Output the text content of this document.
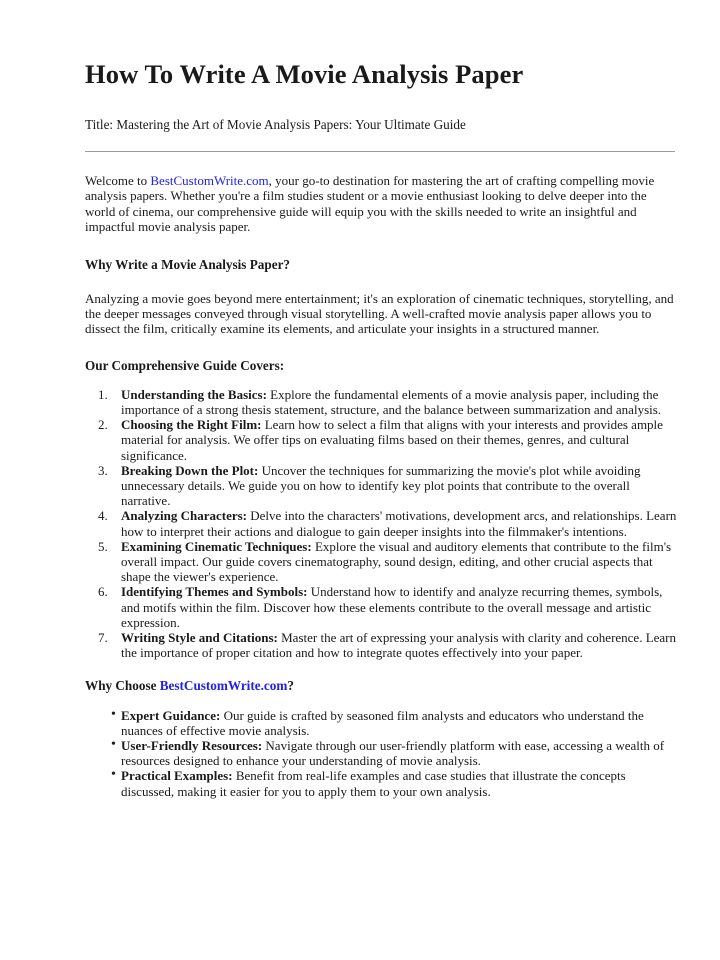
How To Write A Movie Analysis Paper
Title: Mastering the Art of Movie Analysis Papers: Your Ultimate Guide

Welcome to BestCustomWrite.com, your go-to destination for mastering the art of crafting compelling movie analysis papers. Whether you're a film studies student or a movie enthusiast looking to delve deeper into the world of cinema, our comprehensive guide will equip you with the skills needed to write an insightful and impactful movie analysis paper.

Why Write a Movie Analysis Paper?

Analyzing a movie goes beyond mere entertainment; it's an exploration of cinematic techniques, storytelling, and the deeper messages conveyed through visual storytelling. A well-crafted movie analysis paper allows you to dissect the film, critically examine its elements, and articulate your insights in a structured manner.

Our Comprehensive Guide Covers:
1. Understanding the Basics: Explore the fundamental elements of a movie analysis paper, including the importance of a strong thesis statement, structure, and the balance between summarization and analysis.
2. Choosing the Right Film: Learn how to select a film that aligns with your interests and provides ample material for analysis. We offer tips on evaluating films based on their themes, genres, and cultural significance.
3. Breaking Down the Plot: Uncover the techniques for summarizing the movie's plot while avoiding unnecessary details. We guide you on how to identify key plot points that contribute to the overall narrative.
4. Analyzing Characters: Delve into the characters' motivations, development arcs, and relationships. Learn how to interpret their actions and dialogue to gain deeper insights into the filmmaker's intentions.
5. Examining Cinematic Techniques: Explore the visual and auditory elements that contribute to the film's overall impact. Our guide covers cinematography, sound design, editing, and other crucial aspects that shape the viewer's experience.
6. Identifying Themes and Symbols: Understand how to identify and analyze recurring themes, symbols, and motifs within the film. Discover how these elements contribute to the overall message and artistic expression.
7. Writing Style and Citations: Master the art of expressing your analysis with clarity and coherence. Learn the importance of proper citation and how to integrate quotes effectively into your paper.
Why Choose BestCustomWrite.com?
• Expert Guidance: Our guide is crafted by seasoned film analysts and educators who understand the nuances of effective movie analysis.
• User-Friendly Resources: Navigate through our user-friendly platform with ease, accessing a wealth of resources designed to enhance your understanding of movie analysis.
• Practical Examples: Benefit from real-life examples and case studies that illustrate the concepts discussed, making it easier for you to apply them to your own analysis.
